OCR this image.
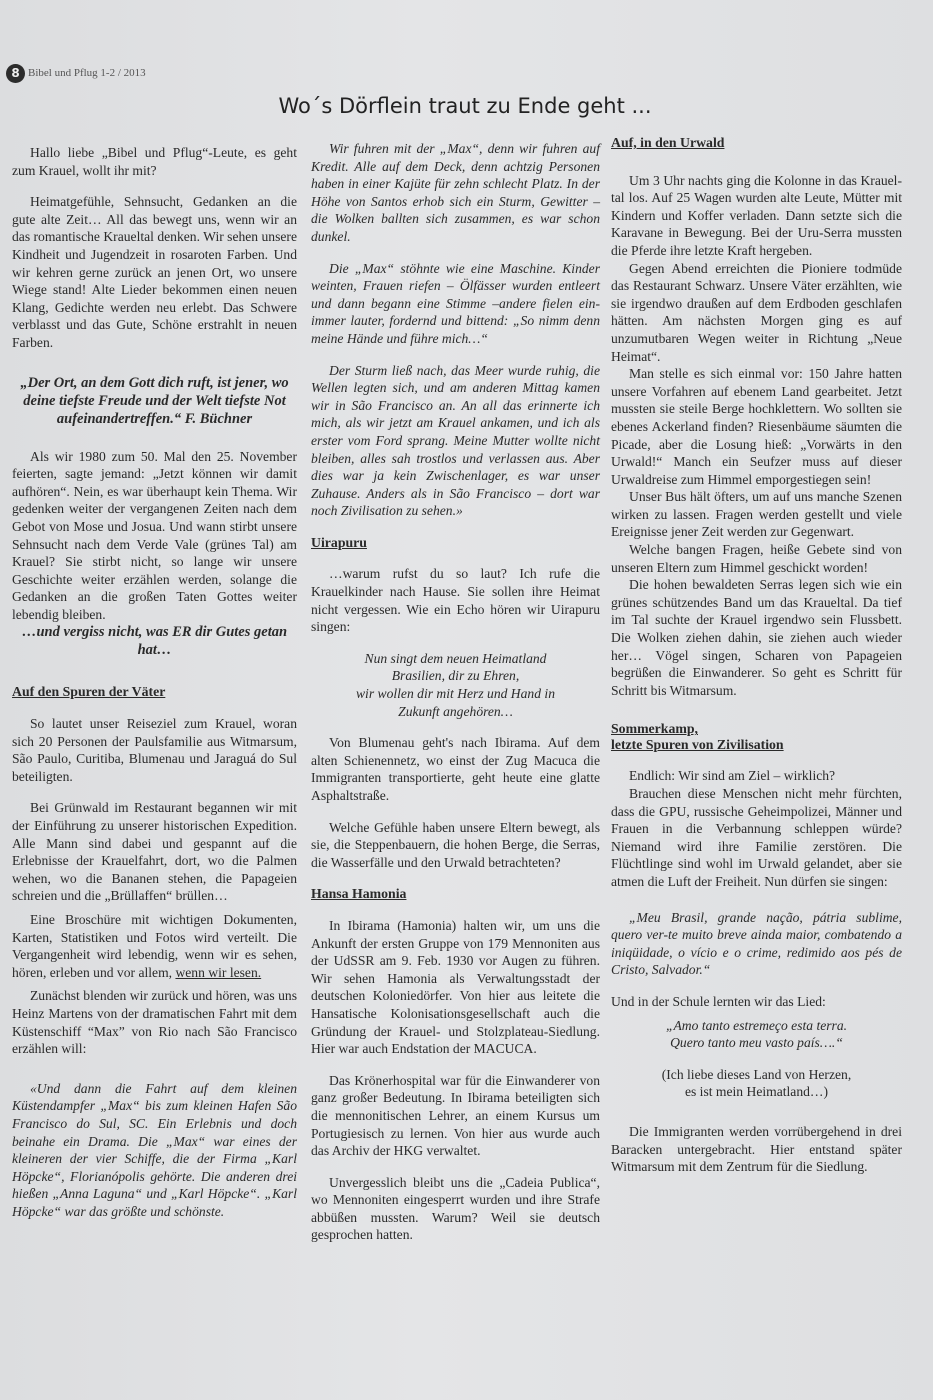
8 Bibel und Pflug 1-2 / 2013
Wo´s Dörflein traut zu Ende geht ...

Hallo liebe „Bibel und Pflug“-Leute, es geht zum Krauel, wollt ihr mit?

Heimatgefühle, Sehnsucht, Gedanken an die gute alte Zeit… All das bewegt uns, wenn wir an das romantische Kraueltal denken. Wir sehen unsere Kindheit und Jugendzeit in rosaroten Farben. Und wir kehren gerne zurück an jenen Ort, wo unsere Wiege stand! Alte Lieder bekommen einen neuen Klang, Gedichte werden neu erlebt. Das Schwere verblasst und das Gute, Schöne erstrahlt in neuen Farben.

„Der Ort, an dem Gott dich ruft, ist jener, wo deine tiefste Freude und der Welt tiefste Not aufeinandertreffen.“ F. Büchner

Als wir 1980 zum 50. Mal den 25. November feierten, sagte jemand: „Jetzt können wir damit aufhören“. Nein, es war überhaupt kein Thema. Wir gedenken weiter der vergangenen Zeiten nach dem Gebot von Mose und Josua. Und wann stirbt unsere Sehnsucht nach dem Verde Vale (grünes Tal) am Krauel? Sie stirbt nicht, so lange wir unsere Geschichte weiter erzählen werden, solange die Gedanken an die großen Taten Gottes weiter lebendig bleiben.

…und vergiss nicht, was ER dir Gutes getan hat…
Auf den Spuren der Väter

So lautet unser Reiseziel zum Krauel, woran sich 20 Personen der Paulsfamilie aus Witmarsum, São Paulo, Curitiba, Blumenau und Jaraguá do Sul beteiligten.

Bei Grünwald im Restaurant begannen wir mit der Einführung zu unserer historischen Expedition. Alle Mann sind dabei und gespannt auf die Erlebnisse der Krauelfahrt, dort, wo die Palmen wehen, wo die Bananen stehen, die Papageien schreien und die „Brüllaffen“ brüllen…

Eine Broschüre mit wichtigen Dokumenten, Karten, Statistiken und Fotos wird verteilt. Die Vergangenheit wird lebendig, wenn wir es sehen, hören, erleben und vor allem, wenn wir lesen.

Zunächst blenden wir zurück und hören, was uns Heinz Martens von der dramatischen Fahrt mit dem Küstenschiff “Max” von Rio nach São Francisco erzählen will:

«Und dann die Fahrt auf dem kleinen Küstendampfer „Max“ bis zum kleinen Hafen São Francisco do Sul, SC. Ein Erlebnis und doch beinahe ein Drama. Die „Max“ war eines der kleineren der vier Schiffe, die der Firma „Karl Höpcke“, Florianópolis gehörte. Die anderen drei hießen „Anna Laguna“ und „Karl Höpcke“. „Karl Höpcke“ war das größte und schönste.

Wir fuhren mit der „Max“, denn wir fuhren auf Kredit. Alle auf dem Deck, denn achtzig Personen haben in einer Kajüte für zehn schlecht Platz. In der Höhe von Santos erhob sich ein Sturm, Gewitter –die Wolken ballten sich zusammen, es war schon dunkel.

Die „Max“ stöhnte wie eine Maschine. Kinder weinten, Frauen riefen – Ölfässer wurden entleert und dann begann eine Stimme –andere fielen ein- immer lauter, fordernd und bittend: „So nimm denn meine Hände und führe mich…“

Der Sturm ließ nach, das Meer wurde ruhig, die Wellen legten sich, und am anderen Mittag kamen wir in São Francisco an. An all das erinnerte ich mich, als wir jetzt am Krauel ankamen, und ich als erster vom Ford sprang. Meine Mutter wollte nicht bleiben, alles sah trostlos und verlassen aus. Aber dies war ja kein Zwischenlager, es war unser Zuhause. Anders als in São Francisco – dort war noch Zivilisation zu sehen.»

Uirapuru

…warum rufst du so laut? Ich rufe die Krauelkinder nach Hause. Sie sollen ihre Heimat nicht vergessen. Wie ein Echo hören wir Uirapuru singen:

Nun singt dem neuen Heimatland
Brasilien, dir zu Ehren,
wir wollen dir mit Herz und Hand in
Zukunft angehören…

Von Blumenau geht's nach Ibirama. Auf dem alten Schienennetz, wo einst der Zug Macuca die Immigranten transportierte, geht heute eine glatte Asphaltstraße.

Welche Gefühle haben unsere Eltern bewegt, als sie, die Steppenbauern, die hohen Berge, die Serras, die Wasserfälle und den Urwald betrachteten?

Hansa Hamonia

In Ibirama (Hamonia) halten wir, um uns die Ankunft der ersten Gruppe von 179 Mennoniten aus der UdSSR am 9. Feb. 1930 vor Augen zu führen. Wir sehen Hamonia als Verwaltungsstadt der deutschen Koloniedörfer. Von hier aus leitete die Hansatische Kolonisationsgesellschaft auch die Gründung der Krauel- und Stolzplateau-Siedlung. Hier war auch Endstation der MACUCA.

Das Krönerhospital war für die Einwanderer von ganz großer Bedeutung. In Ibirama beteiligten sich die mennonitischen Lehrer, an einem Kursus um Portugiesisch zu lernen. Von hier aus wurde auch das Archiv der HKG verwaltet.

Unvergesslich bleibt uns die „Cadeia Publica“, wo Mennoniten eingesperrt wurden und ihre Strafe abbüßen mussten. Warum? Weil sie deutsch gesprochen hatten.

Auf, in den Urwald

Um 3 Uhr nachts ging die Kolonne in das Kraueltal los. Auf 25 Wagen wurden alte Leute, Mütter mit Kindern und Koffer verladen. Dann setzte sich die Karavane in Bewegung. Bei der Uru-Serra mussten die Pferde ihre letzte Kraft hergeben.

Gegen Abend erreichten die Pioniere todmüde das Restaurant Schwarz. Unsere Väter erzählten, wie sie irgendwo draußen auf dem Erdboden geschlafen hätten. Am nächsten Morgen ging es auf unzumutbaren Wegen weiter in Richtung „Neue Heimat“.

Man stelle es sich einmal vor: 150 Jahre hatten unsere Vorfahren auf ebenem Land gearbeitet. Jetzt mussten sie steile Berge hochklettern. Wo sollten sie ebenes Ackerland finden? Riesenbäume säumten die Picade, aber die Losung hieß: „Vorwärts in den Urwald!“ Manch ein Seufzer muss auf dieser Urwaldreise zum Himmel emporgestiegen sein!

Unser Bus hält öfters, um auf uns manche Szenen wirken zu lassen. Fragen werden gestellt und viele Ereignisse jener Zeit werden zur Gegenwart.

Welche bangen Fragen, heiße Gebete sind von unseren Eltern zum Himmel geschickt worden!

Die hohen bewaldeten Serras legen sich wie ein grünes schützendes Band um das Kraueltal. Da tief im Tal suchte der Krauel irgendwo sein Flussbett. Die Wolken ziehen dahin, sie ziehen auch wieder her… Vögel singen, Scharen von Papageien begrüßen die Einwanderer. So geht es Schritt für Schritt bis Witmarsum.

Sommerkamp,
letzte Spuren von Zivilisation

Endlich: Wir sind am Ziel – wirklich?

Brauchen diese Menschen nicht mehr fürchten, dass die GPU, russische Geheimpolizei, Männer und Frauen in die Verbannung schleppen würde? Niemand wird ihre Familie zerstören. Die Flüchtlinge sind wohl im Urwald gelandet, aber sie atmen die Luft der Freiheit. Nun dürfen sie singen:

„Meu Brasil, grande nação, pátria sublime, quero ver-te muito breve ainda maior, combatendo a iniqüidade, o vício e o crime, redimido aos pés de Cristo, Salvador.“

Und in der Schule lernten wir das Lied:

„Amo tanto estremeço esta terra.
Quero tanto meu vasto país….“
(Ich liebe dieses Land von Herzen,
es ist mein Heimatland…)

Die Immigranten werden vorrübergehend in drei Baracken untergebracht. Hier entstand später Witmarsum mit dem Zentrum für die Siedlung.
